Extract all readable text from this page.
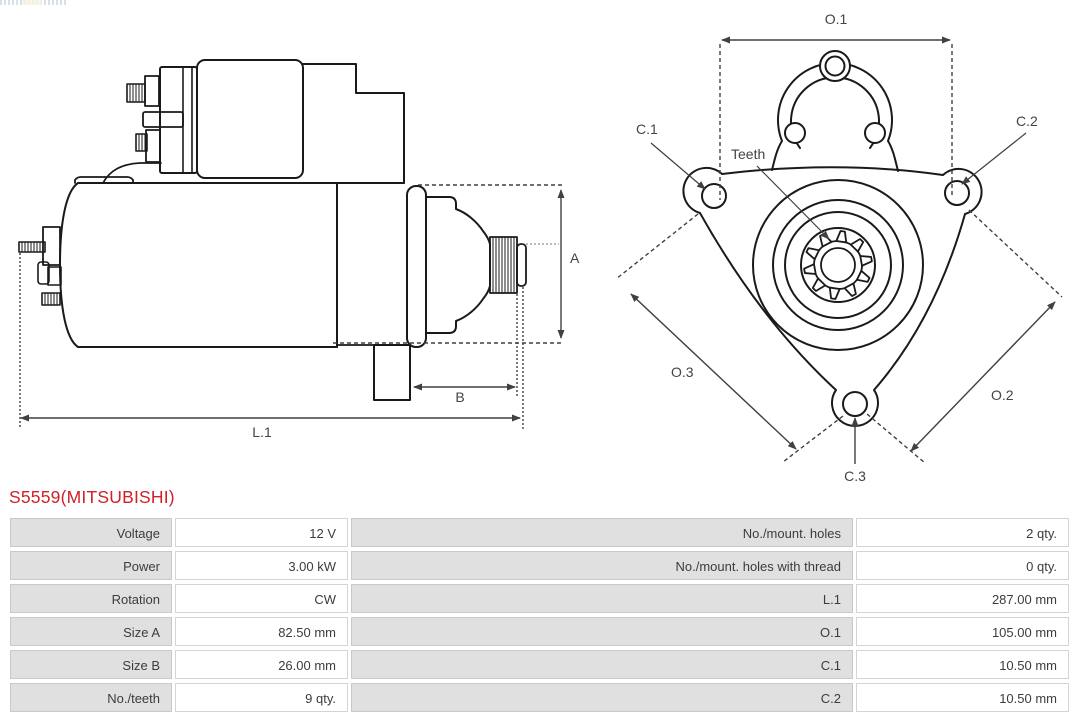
A
B
L.1
O.1
C.1	C.2
Teeth
O.3
O.2
C.3
S5559(MITSUBISHI)
Voltage	12 V	No./mount. holes	2 qty.
Power	3.00 kW	No./mount. holes with thread	0 qty.
Rotation	CW	L.1	287.00 mm
Size A	82.50 mm	O.1	105.00 mm
Size B	26.00 mm	C.1	10.50 mm
No./teeth	9 qty.	C.2	10.50 mm
